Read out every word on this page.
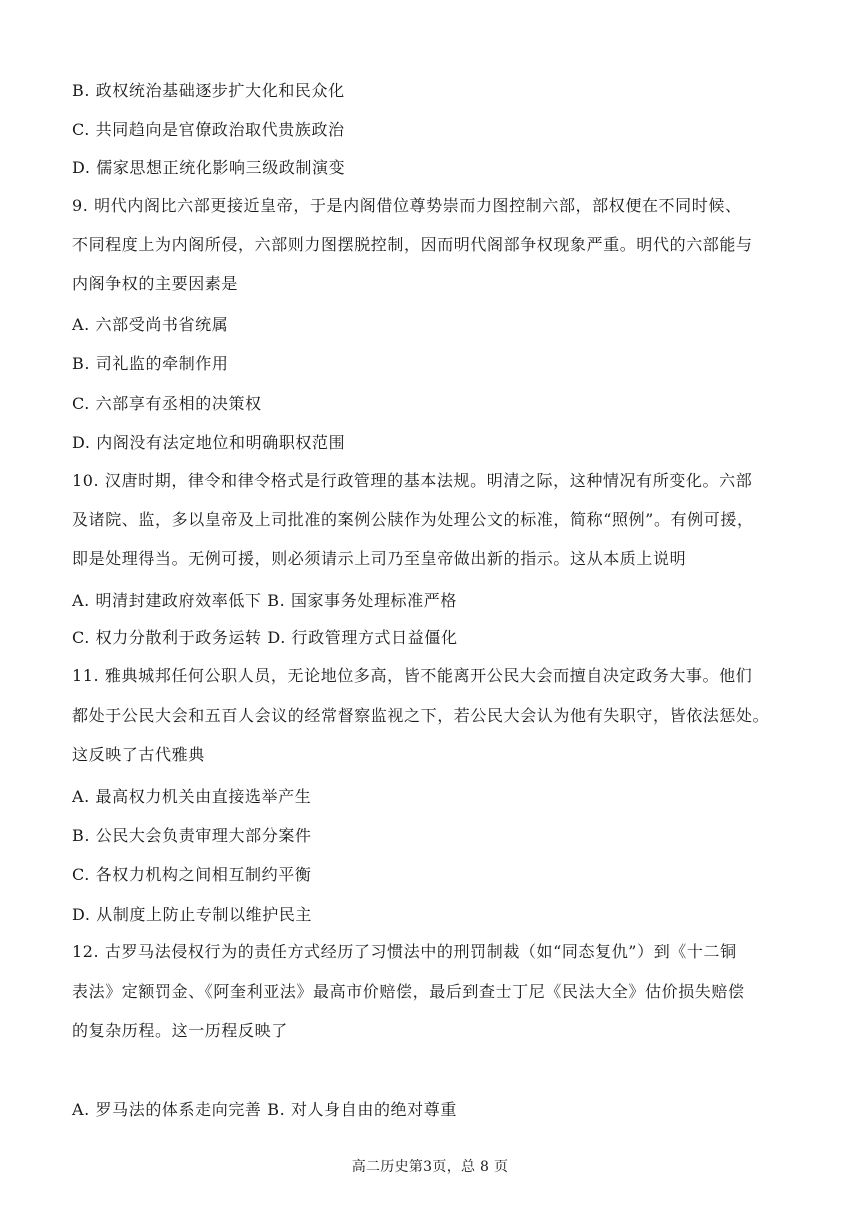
B. 政权统治基础逐步扩大化和民众化
C. 共同趋向是官僚政治取代贵族政治
D. 儒家思想正统化影响三级政制演变
9. 明代内阁比六部更接近皇帝，于是内阁借位尊势崇而力图控制六部，部权便在不同时候、
不同程度上为内阁所侵，六部则力图摆脱控制，因而明代阁部争权现象严重。明代的六部能与
内阁争权的主要因素是
A. 六部受尚书省统属
B. 司礼监的牵制作用
C. 六部享有丞相的决策权
D. 内阁没有法定地位和明确职权范围
10. 汉唐时期，律令和律令格式是行政管理的基本法规。明清之际，这种情况有所变化。六部
及诸院、监，多以皇帝及上司批准的案例公牍作为处理公文的标准，简称“照例”。有例可援，
即是处理得当。无例可援，则必须请示上司乃至皇帝做出新的指示。这从本质上说明
A. 明清封建政府效率低下 B. 国家事务处理标准严格
C. 权力分散利于政务运转 D. 行政管理方式日益僵化
11. 雅典城邦任何公职人员，无论地位多高，皆不能离开公民大会而擅自决定政务大事。他们
都处于公民大会和五百人会议的经常督察监视之下，若公民大会认为他有失职守，皆依法惩处。
这反映了古代雅典
A. 最高权力机关由直接选举产生
B. 公民大会负责审理大部分案件
C. 各权力机构之间相互制约平衡
D. 从制度上防止专制以维护民主
12. 古罗马法侵权行为的责任方式经历了习惯法中的刑罚制裁（如“同态复仇”）到《十二铜
表法》定额罚金、《阿奎利亚法》最高市价赔偿，最后到查士丁尼《民法大全》估价损失赔偿
的复杂历程。这一历程反映了
A. 罗马法的体系走向完善 B. 对人身自由的绝对尊重
高二历史第3页，总 8 页
